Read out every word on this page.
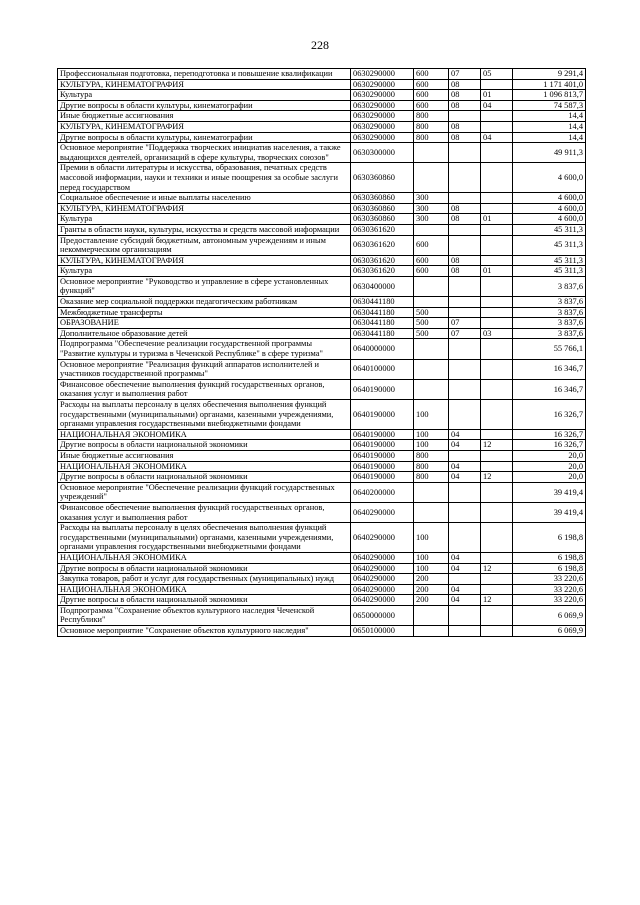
228
Профессиональная подготовка, переподготовка и повышение квалификации	0630290000	600	07	05	9 291,4
КУЛЬТУРА, КИНЕМАТОГРАФИЯ	0630290000	600	08		1 171 401,0
Культура	0630290000	600	08	01	1 096 813,7
Другие вопросы в области культуры, кинематографии	0630290000	600	08	04	74 587,3
Иные бюджетные ассигнования	0630290000	800			14,4
КУЛЬТУРА, КИНЕМАТОГРАФИЯ	0630290000	800	08		14,4
Другие вопросы в области культуры, кинематографии	0630290000	800	08	04	14,4
Основное мероприятие "Поддержка творческих инициатив населения, а также выдающихся деятелей, организаций в сфере культуры, творческих союзов"	0630300000				49 911,3
Премии в области литературы и искусства, образования, печатных средств массовой информации, науки и техники и иные поощрения за особые заслуги перед государством	0630360860				4 600,0
Социальное обеспечение и иные выплаты населению	0630360860	300			4 600,0
КУЛЬТУРА, КИНЕМАТОГРАФИЯ	0630360860	300	08		4 600,0
Культура	0630360860	300	08	01	4 600,0
Гранты в области науки, культуры, искусства и средств массовой информации	0630361620				45 311,3
Предоставление субсидий бюджетным, автономным учреждениям и иным некоммерческим организациям	0630361620	600			45 311,3
КУЛЬТУРА, КИНЕМАТОГРАФИЯ	0630361620	600	08		45 311,3
Культура	0630361620	600	08	01	45 311,3
Основное мероприятие "Руководство и управление в сфере установленных функций"	0630400000				3 837,6
Оказание мер социальной поддержки педагогическим работникам	0630441180				3 837,6
Межбюджетные трансферты	0630441180	500			3 837,6
ОБРАЗОВАНИЕ	0630441180	500	07		3 837,6
Дополнительное образование детей	0630441180	500	07	03	3 837,6
Подпрограмма "Обеспечение реализации государственной программы "Развитие культуры и туризма в Чеченской Республике" в сфере туризма"	0640000000				55 766,1
Основное мероприятие "Реализация функций аппаратов исполнителей и участников государственной программы"	0640100000				16 346,7
Финансовое обеспечение выполнения функций государственных органов, оказания услуг и выполнения работ	0640190000				16 346,7
Расходы на выплаты персоналу в целях обеспечения выполнения функций государственными (муниципальными) органами, казенными учреждениями, органами управления государственными внебюджетными фондами	0640190000	100			16 326,7
НАЦИОНАЛЬНАЯ ЭКОНОМИКА	0640190000	100	04		16 326,7
Другие вопросы в области национальной экономики	0640190000	100	04	12	16 326,7
Иные бюджетные ассигнования	0640190000	800			20,0
НАЦИОНАЛЬНАЯ ЭКОНОМИКА	0640190000	800	04		20,0
Другие вопросы в области национальной экономики	0640190000	800	04	12	20,0
Основное мероприятие "Обеспечение реализации функций государственных учреждений"	0640200000				39 419,4
Финансовое обеспечение выполнения функций государственных органов, оказания услуг и выполнения работ	0640290000				39 419,4
Расходы на выплаты персоналу в целях обеспечения выполнения функций государственными (муниципальными) органами, казенными учреждениями, органами управления государственными внебюджетными фондами	0640290000	100			6 198,8
НАЦИОНАЛЬНАЯ ЭКОНОМИКА	0640290000	100	04		6 198,8
Другие вопросы в области национальной экономики	0640290000	100	04	12	6 198,8
Закупка товаров, работ и услуг для государственных (муниципальных) нужд	0640290000	200			33 220,6
НАЦИОНАЛЬНАЯ ЭКОНОМИКА	0640290000	200	04		33 220,6
Другие вопросы в области национальной экономики	0640290000	200	04	12	33 220,6
Подпрограмма "Сохранение объектов культурного наследия Чеченской Республики"	0650000000				6 069,9
Основное мероприятие "Сохранение объектов культурного наследия"	0650100000				6 069,9
